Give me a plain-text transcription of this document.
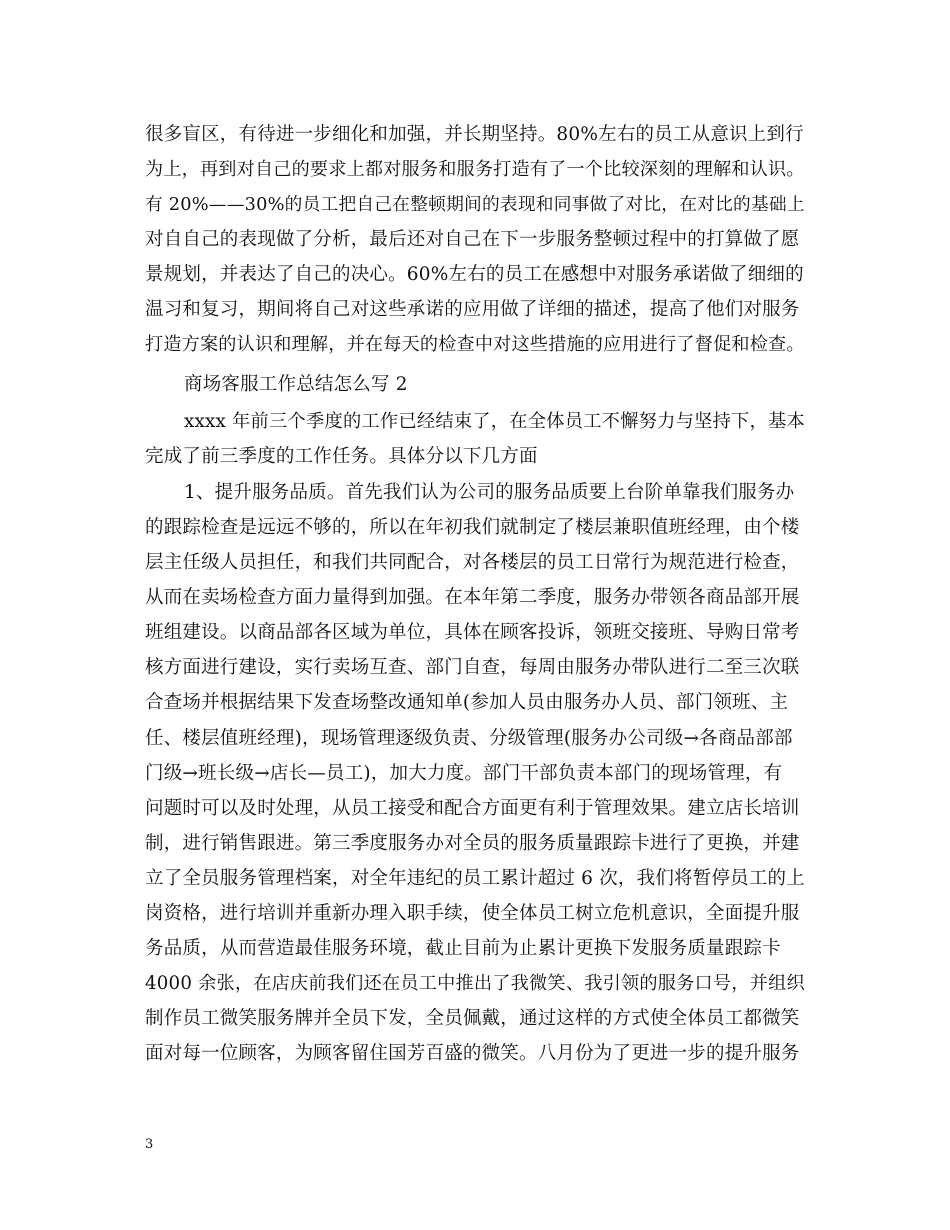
很多盲区，有待进一步细化和加强，并长期坚持。80%左右的员工从意识上到行
为上，再到对自己的要求上都对服务和服务打造有了一个比较深刻的理解和认识。
有 20%——30%的员工把自己在整顿期间的表现和同事做了对比，在对比的基础上
对自自己的表现做了分析，最后还对自己在下一步服务整顿过程中的打算做了愿
景规划，并表达了自己的决心。60%左右的员工在感想中对服务承诺做了细细的
温习和复习，期间将自己对这些承诺的应用做了详细的描述，提高了他们对服务
打造方案的认识和理解，并在每天的检查中对这些措施的应用进行了督促和检查。
商场客服工作总结怎么写 2
xxxx 年前三个季度的工作已经结束了，在全体员工不懈努力与坚持下，基本
完成了前三季度的工作任务。具体分以下几方面
1、提升服务品质。首先我们认为公司的服务品质要上台阶单靠我们服务办
的跟踪检查是远远不够的，所以在年初我们就制定了楼层兼职值班经理，由个楼
层主任级人员担任，和我们共同配合，对各楼层的员工日常行为规范进行检查，
从而在卖场检查方面力量得到加强。在本年第二季度，服务办带领各商品部开展
班组建设。以商品部各区域为单位，具体在顾客投诉，领班交接班、导购日常考
核方面进行建设，实行卖场互查、部门自查，每周由服务办带队进行二至三次联
合查场并根据结果下发查场整改通知单(参加人员由服务办人员、部门领班、主
任、楼层值班经理)，现场管理逐级负责、分级管理(服务办公司级→各商品部部
门级→班长级→店长—员工)，加大力度。部门干部负责本部门的现场管理，有
问题时可以及时处理，从员工接受和配合方面更有利于管理效果。建立店长培训
制，进行销售跟进。第三季度服务办对全员的服务质量跟踪卡进行了更换，并建
立了全员服务管理档案，对全年违纪的员工累计超过 6 次，我们将暂停员工的上
岗资格，进行培训并重新办理入职手续，使全体员工树立危机意识，全面提升服
务品质，从而营造最佳服务环境，截止目前为止累计更换下发服务质量跟踪卡
4000 余张，在店庆前我们还在员工中推出了我微笑、我引领的服务口号，并组织
制作员工微笑服务牌并全员下发，全员佩戴，通过这样的方式使全体员工都微笑
面对每一位顾客，为顾客留住国芳百盛的微笑。八月份为了更进一步的提升服务
3
